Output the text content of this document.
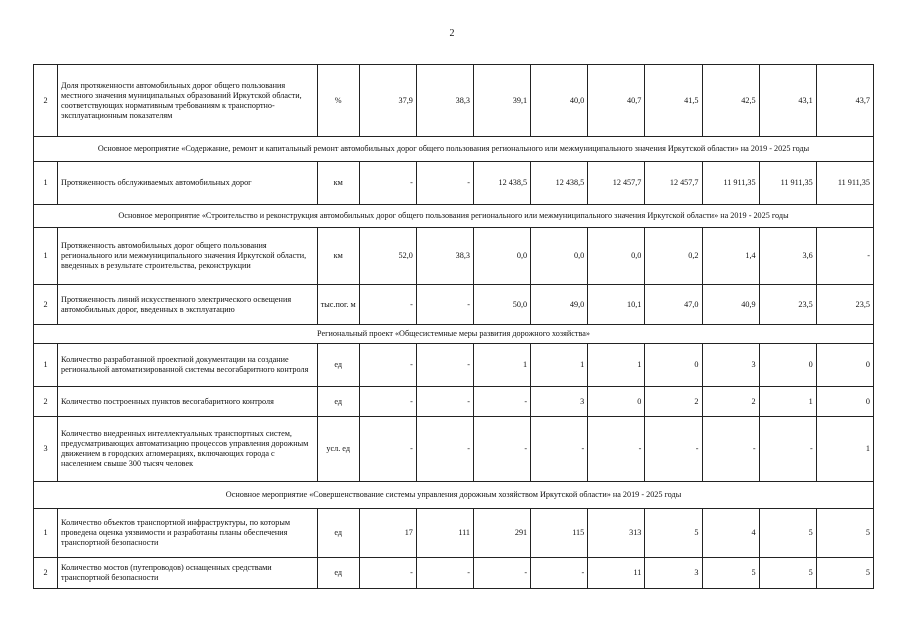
2
2	Доля протяженности автомобильных дорог общего пользования местного значения муниципальных образований Иркутской области, соответствующих нормативным требованиям к транспортно-эксплуатационным показателям	%	37,9	38,3	39,1	40,0	40,7	41,5	42,5	43,1	43,7
Основное мероприятие «Содержание, ремонт и капитальный ремонт автомобильных дорог общего пользования регионального или межмуниципального значения Иркутской области» на 2019 - 2025 годы											
1	Протяженность обслуживаемых автомобильных дорог	км	-	-	12 438,5	12 438,5	12 457,7	12 457,7	11 911,35	11 911,35	11 911,35
Основное мероприятие «Строительство и реконструкция автомобильных дорог общего пользования регионального или межмуниципального значения Иркутской области» на 2019 - 2025 годы											
1	Протяженность автомобильных дорог общего пользования регионального или межмуниципального значения Иркутской области, введенных в результате строительства, реконструкции	км	52,0	38,3	0,0	0,0	0,0	0,2	1,4	3,6	-
2	Протяженность линий искусственного электрического освещения автомобильных дорог, введенных в эксплуатацию	тыс.пог. м	-	-	50,0	49,0	10,1	47,0	40,9	23,5	23,5
Региональный проект «Общесистемные меры развития дорожного хозяйства»											
1	Количество разработанной проектной документации на создание региональной автоматизированной системы весогабаритного контроля	ед	-	-	1	1	1	0	3	0	0
2	Количество построенных пунктов весогабаритного контроля	ед	-	-	-	3	0	2	2	1	0
3	Количество внедренных интеллектуальных транспортных систем, предусматривающих автоматизацию процессов управления дорожным движением в городских агломерациях, включающих города с населением свыше 300 тысяч человек	усл. ед	-	-	-	-	-	-	-	-	1
Основное мероприятие «Совершенствование системы управления дорожным хозяйством Иркутской области» на 2019 - 2025 годы											
1	Количество объектов транспортной инфраструктуры, по которым проведена оценка уязвимости и разработаны планы обеспечения транспортной безопасности	ед	17	111	291	115	313	5	4	5	5
2	Количество мостов (путепроводов) оснащенных средствами транспортной безопасности	ед	-	-	-	-	11	3	5	5	5
